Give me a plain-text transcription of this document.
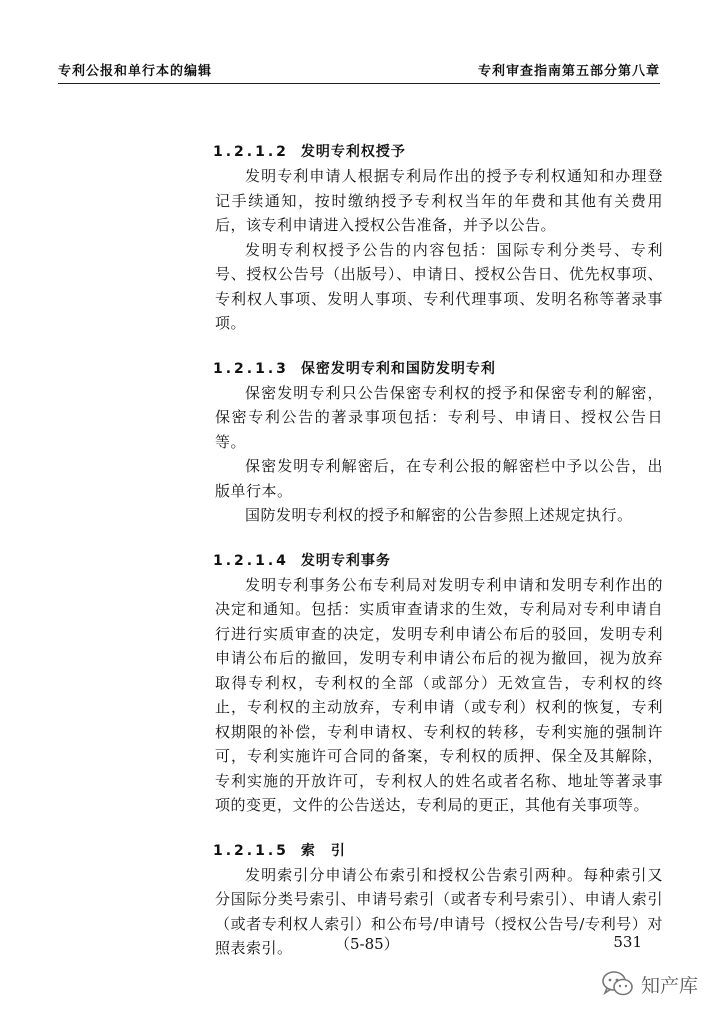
专利公报和单行本的编辑	专利审查指南第五部分第八章
1.2.1.2 发明专利权授予

发明专利申请人根据专利局作出的授予专利权通知和办理登记手续通知，按时缴纳授予专利权当年的年费和其他有关费用后，该专利申请进入授权公告准备，并予以公告。

发明专利权授予公告的内容包括：国际专利分类号、专利号、授权公告号（出版号）、申请日、授权公告日、优先权事项、专利权人事项、发明人事项、专利代理事项、发明名称等著录事项。

1.2.1.3 保密发明专利和国防发明专利

保密发明专利只公告保密专利权的授予和保密专利的解密，保密专利公告的著录事项包括：专利号、申请日、授权公告日等。

保密发明专利解密后，在专利公报的解密栏中予以公告，出版单行本。

国防发明专利权的授予和解密的公告参照上述规定执行。

1.2.1.4 发明专利事务

发明专利事务公布专利局对发明专利申请和发明专利作出的决定和通知。包括：实质审查请求的生效，专利局对专利申请自行进行实质审查的决定，发明专利申请公布后的驳回，发明专利申请公布后的撤回，发明专利申请公布后的视为撤回，视为放弃取得专利权，专利权的全部（或部分）无效宣告，专利权的终止，专利权的主动放弃，专利申请（或专利）权利的恢复，专利权期限的补偿，专利申请权、专利权的转移，专利实施的强制许可，专利实施许可合同的备案，专利权的质押、保全及其解除，专利实施的开放许可，专利权人的姓名或者名称、地址等著录事项的变更，文件的公告送达，专利局的更正，其他有关事项等。

1.2.1.5 索　引

发明索引分申请公布索引和授权公告索引两种。每种索引又分国际分类号索引、申请号索引（或者专利号索引）、申请人索引（或者专利权人索引）和公布号/申请号（授权公告号/专利号）对照表索引。	（5-85）	531
知产库
